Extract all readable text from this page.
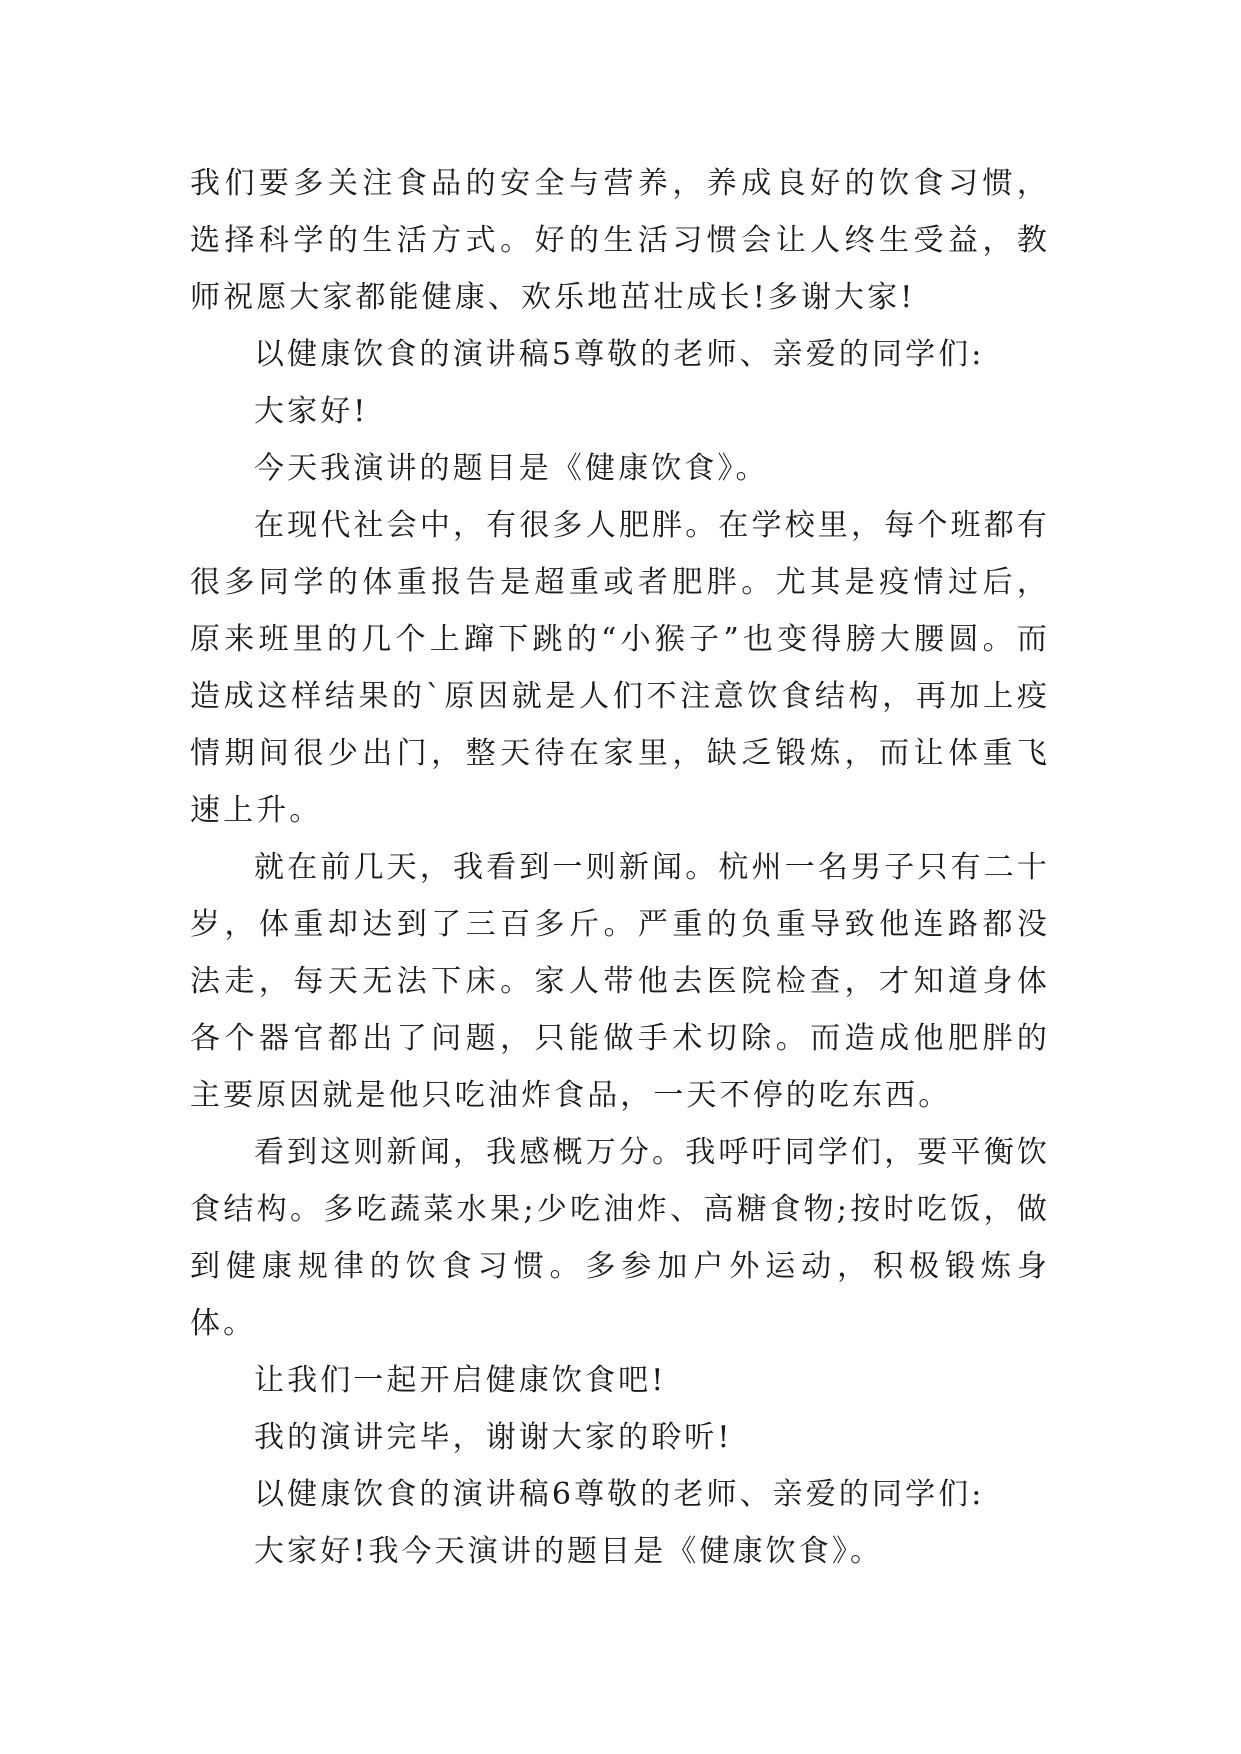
我们要多关注食品的安全与营养，养成良好的饮食习惯，选择科学的生活方式。好的生活习惯会让人终生受益，教师祝愿大家都能健康、欢乐地茁壮成长!多谢大家!

以健康饮食的演讲稿5尊敬的老师、亲爱的同学们:

大家好!

今天我演讲的题目是《健康饮食》。

在现代社会中，有很多人肥胖。在学校里，每个班都有很多同学的体重报告是超重或者肥胖。尤其是疫情过后，原来班里的几个上蹿下跳的“小猴子”也变得膀大腰圆。而造成这样结果的`原因就是人们不注意饮食结构，再加上疫情期间很少出门，整天待在家里，缺乏锻炼，而让体重飞速上升。

就在前几天，我看到一则新闻。杭州一名男子只有二十岁，体重却达到了三百多斤。严重的负重导致他连路都没法走，每天无法下床。家人带他去医院检查，才知道身体各个器官都出了问题，只能做手术切除。而造成他肥胖的主要原因就是他只吃油炸食品，一天不停的吃东西。

看到这则新闻，我感概万分。我呼吁同学们，要平衡饮食结构。多吃蔬菜水果;少吃油炸、高糖食物;按时吃饭，做到健康规律的饮食习惯。多参加户外运动，积极锻炼身体。

让我们一起开启健康饮食吧!

我的演讲完毕，谢谢大家的聆听!

以健康饮食的演讲稿6尊敬的老师、亲爱的同学们:

大家好!我今天演讲的题目是《健康饮食》。
